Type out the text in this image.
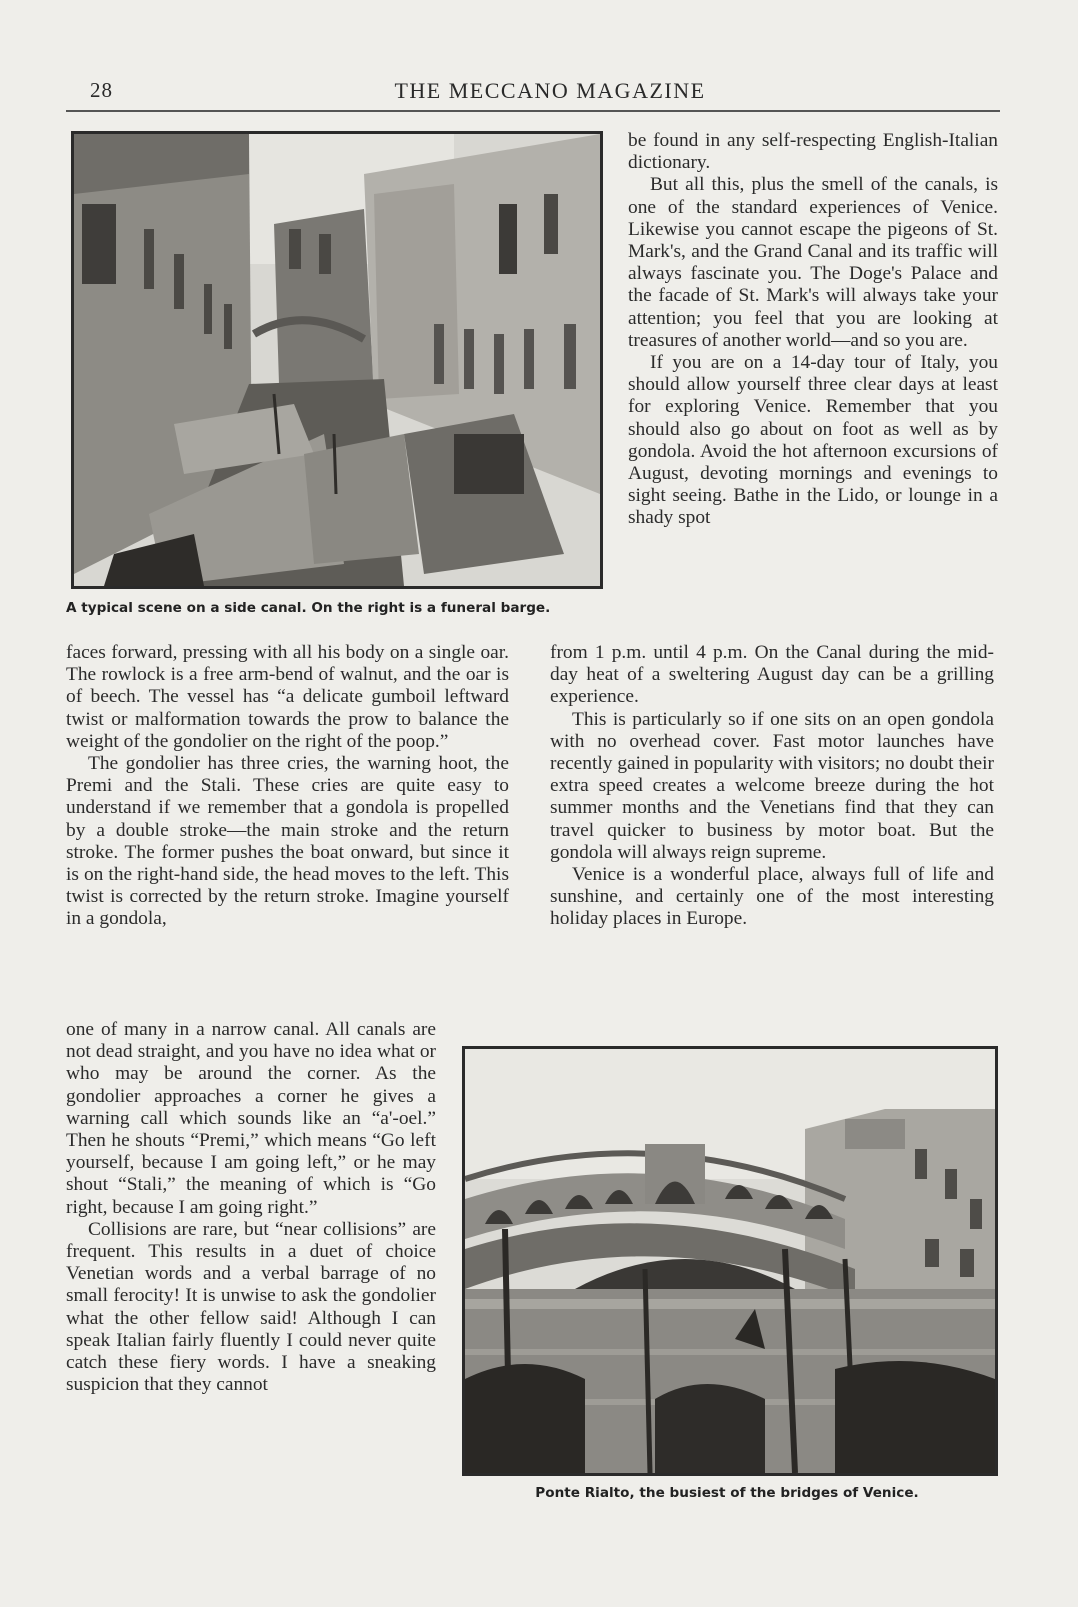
28	THE MECCANO MAGAZINE
A typical scene on a side canal. On the right is a funeral barge.

be found in any self-respecting English-Italian dictionary.

But all this, plus the smell of the canals, is one of the standard experiences of Venice. Likewise you cannot escape the pigeons of St. Mark's, and the Grand Canal and its traffic will always fascinate you. The Doge's Palace and the facade of St. Mark's will always take your attention; you feel that you are looking at treasures of another world—and so you are.

If you are on a 14-day tour of Italy, you should allow yourself three clear days at least for exploring Venice. Remember that you should also go about on foot as well as by gondola. Avoid the hot afternoon excursions of August, devoting mornings and evenings to sight seeing. Bathe in the Lido, or lounge in a shady spot

faces forward, pressing with all his body on a single oar. The rowlock is a free arm-bend of walnut, and the oar is of beech. The vessel has “a delicate gumboil leftward twist or malformation towards the prow to balance the weight of the gondolier on the right of the poop.”

The gondolier has three cries, the warning hoot, the Premi and the Stali. These cries are quite easy to understand if we remember that a gondola is propelled by a double stroke—the main stroke and the return stroke. The former pushes the boat onward, but since it is on the right-hand side, the head moves to the left. This twist is corrected by the return stroke. Imagine yourself in a gondola,

from 1 p.m. until 4 p.m. On the Canal during the mid-day heat of a sweltering August day can be a grilling experience.

This is particularly so if one sits on an open gondola with no overhead cover. Fast motor launches have recently gained in popularity with visitors; no doubt their extra speed creates a welcome breeze during the hot summer months and the Venetians find that they can travel quicker to business by motor boat. But the gondola will always reign supreme.

Venice is a wonderful place, always full of life and sunshine, and certainly one of the most interesting holiday places in Europe.

one of many in a narrow canal. All canals are not dead straight, and you have no idea what or who may be around the corner. As the gondolier approaches a corner he gives a warning call which sounds like an “a'-oel.” Then he shouts “Premi,” which means “Go left yourself, because I am going left,” or he may shout “Stali,” the meaning of which is “Go right, because I am going right.”

Collisions are rare, but “near collisions” are frequent. This results in a duet of choice Venetian words and a verbal barrage of no small ferocity! It is unwise to ask the gondolier what the other fellow said! Although I can speak Italian fairly fluently I could never quite catch these fiery words. I have a sneaking suspicion that they cannot

Ponte Rialto, the busiest of the bridges of Venice.
